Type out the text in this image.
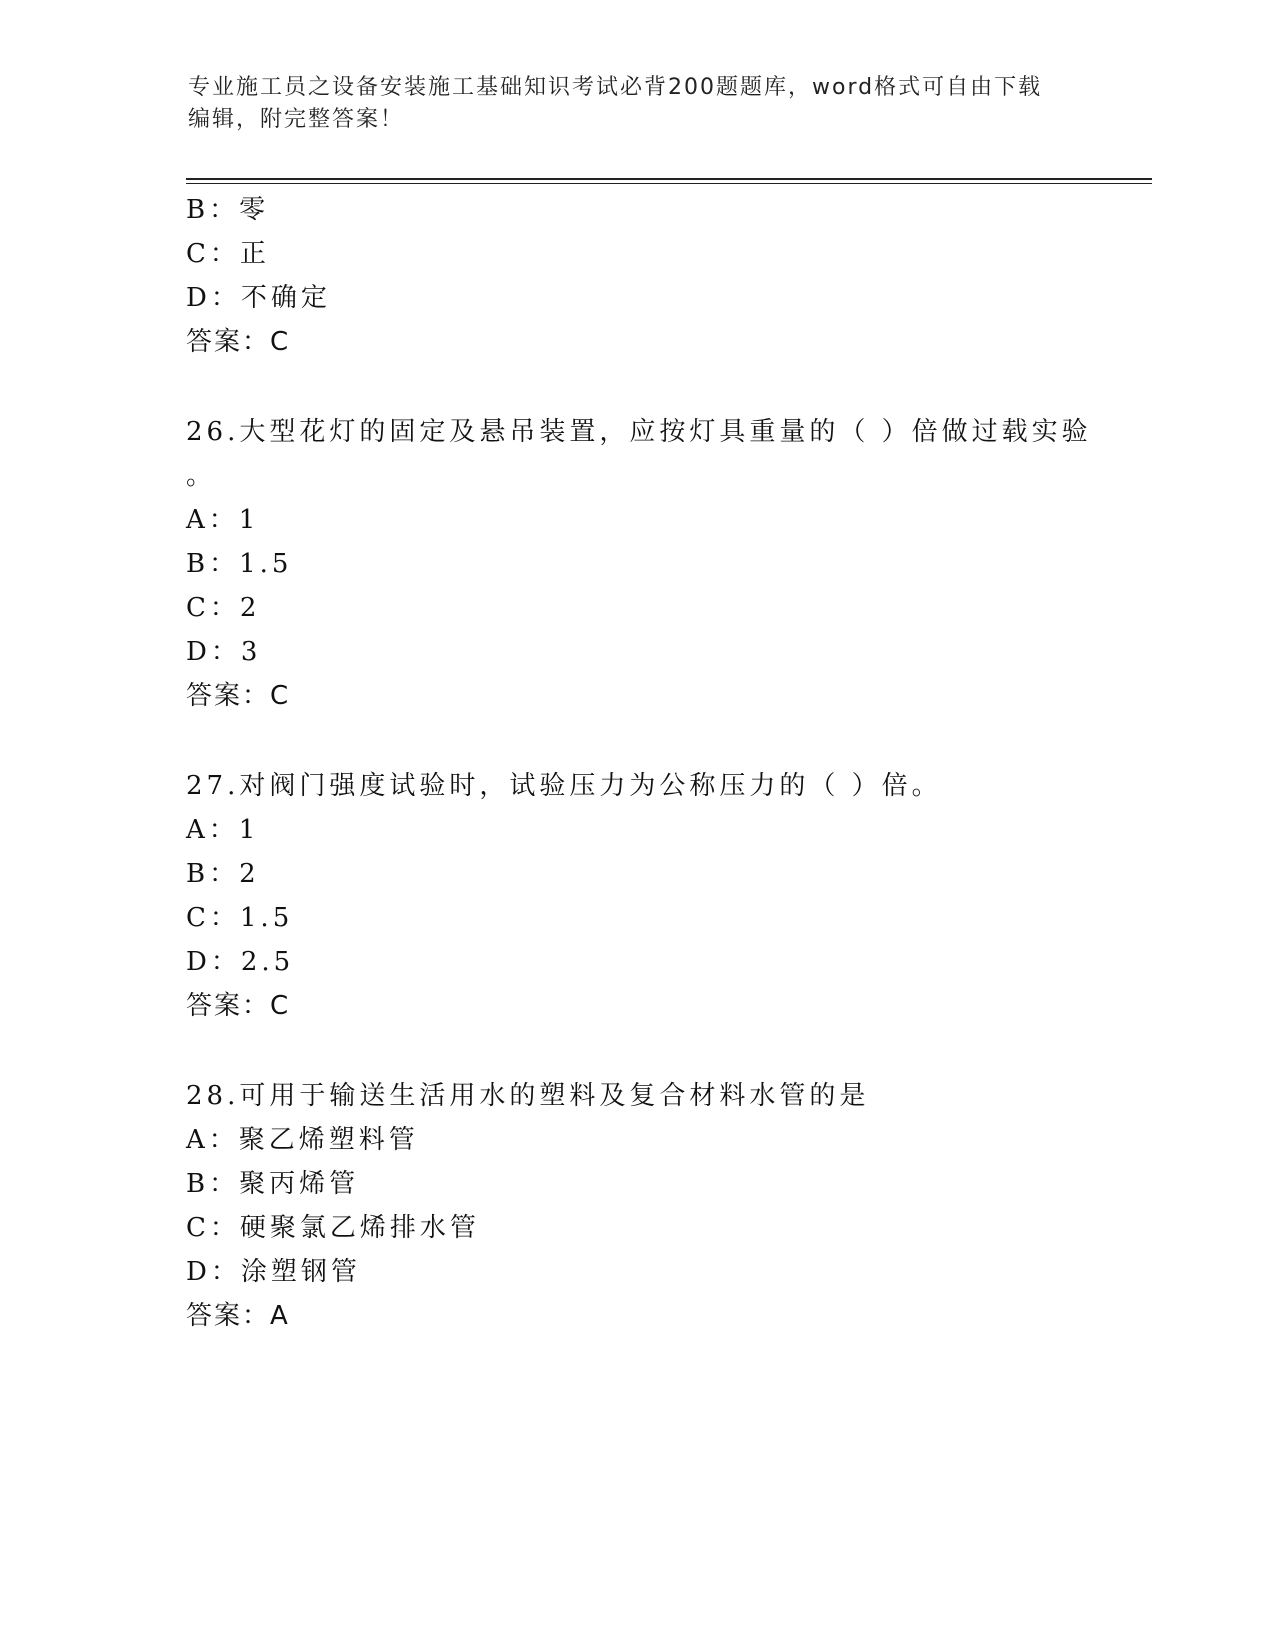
专业施工员之设备安装施工基础知识考试必背200题题库，word格式可自由下载
编辑，附完整答案！
B：零
C：正
D：不确定
答案：C
26.大型花灯的固定及悬吊装置，应按灯具重量的（ ）倍做过载实验
。
A：1
B：1.5
C：2
D：3
答案：C
27.对阀门强度试验时，试验压力为公称压力的（ ）倍。
A：1
B：2
C：1.5
D：2.5
答案：C
28.可用于输送生活用水的塑料及复合材料水管的是
A：聚乙烯塑料管
B：聚丙烯管
C：硬聚氯乙烯排水管
D：涂塑钢管
答案：A
